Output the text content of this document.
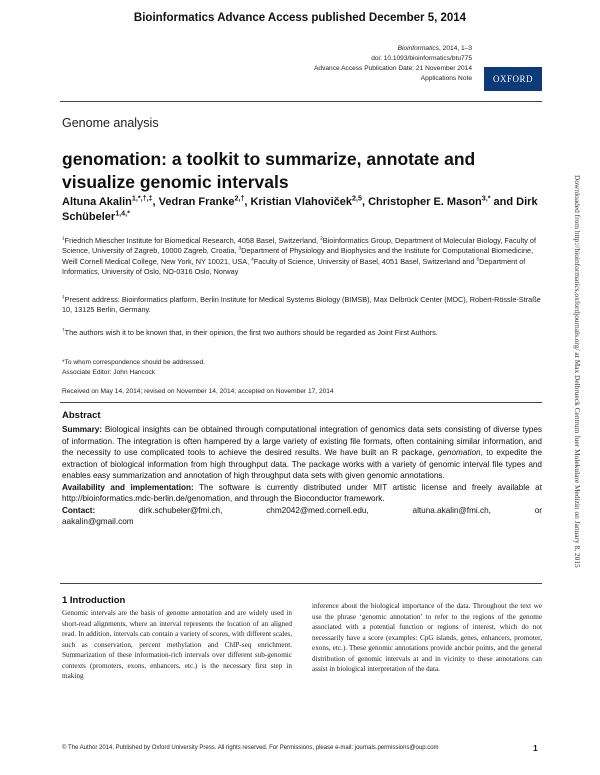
Bioinformatics Advance Access published December 5, 2014
Bioinformatics, 2014, 1–3
doi: 10.1093/bioinformatics/btu775
Advance Access Publication Date: 21 November 2014
Applications Note	OXFORD
Genome analysis
genomation: a toolkit to summarize, annotate and visualize genomic intervals
Altuna Akalin$^{1,*,\dagger,\ddagger}$, Vedran Franke$^{2,\dagger}$, Kristian Vlahoviček$^{2,5}$, Christopher E. Mason$^{3,*}$ and Dirk Schübeler$^{1,4,*}$
$^1$Friedrich Miescher Institute for Biomedical Research, 4058 Basel, Switzerland, $^2$Bioinformatics Group, Department of Molecular Biology, Faculty of Science, University of Zagreb, 10000 Zagreb, Croatia, $^3$Department of Physiology and Biophysics and the Institute for Computational Biomedicine, Weill Cornell Medical College, New York, NY 10021, USA, $^4$Faculty of Science, University of Basel, 4051 Basel, Switzerland and $^5$Department of Informatics, University of Oslo, NO-0316 Oslo, Norway
‡Present address: Bioinformatics platform, Berlin Institute for Medical Systems Biology (BIMSB), Max Delbrück Center (MDC), Robert-Rössle-Straße 10, 13125 Berlin, Germany.
†The authors wish it to be known that, in their opinion, the first two authors should be regarded as Joint First Authors.
*To whom correspondence should be addressed.
Associate Editor: John Hancock
Received on May 14, 2014; revised on November 14, 2014; accepted on November 17, 2014
Abstract

Summary: Biological insights can be obtained through computational integration of genomics data sets consisting of diverse types of information. The integration is often hampered by a large variety of existing file formats, often containing similar information, and the necessity to use complicated tools to achieve the desired results. We have built an R package, genomation, to expedite the extraction of biological information from high throughput data. The package works with a variety of genomic interval file types and enables easy summarization and annotation of high throughput data sets with given genomic annotations.

Availability and implementation: The software is currently distributed under MIT artistic license and freely available at http://bioinformatics.mdc-berlin.de/genomation, and through the Bioconductor framework.

Contact:	dirk.schubeler@fmi.ch,	chm2042@med.cornell.edu,	altuna.akalin@fmi.ch,	or
aakalin@gmail.com
1 Introduction
Genomic intervals are the basis of genome annotation and are widely used in short-read alignments, where an interval represents the location of an aligned read. In addition, intervals can contain a variety of scores, with different scales, such as conservation, percent methylation and ChIP-seq enrichment. Summarization of these information-rich intervals over different sub-genomic contexts (promoters, exons, enhancers, etc.) is the necessary first step in making
inference about the biological importance of the data. Throughout the text we use the phrase ‘genomic annotation’ to refer to the regions of the genome associated with a potential function or regions of interest, which do not necessarily have a score (examples: CpG islands, genes, enhancers, promoter, exons, etc.). These genomic annotations provide anchor points, and the general distribution of genomic intervals at and in vicinity to these annotations can assist in biological interpretation of the data.
© The Author 2014. Published by Oxford University Press. All rights reserved. For Permissions, please e-mail: journals.permissions@oup.com	1
Downloaded from http://bioinformatics.oxfordjournals.org/ at Max Delbrueck Centrum fuer Molekulare Medizin on January 8, 2015
